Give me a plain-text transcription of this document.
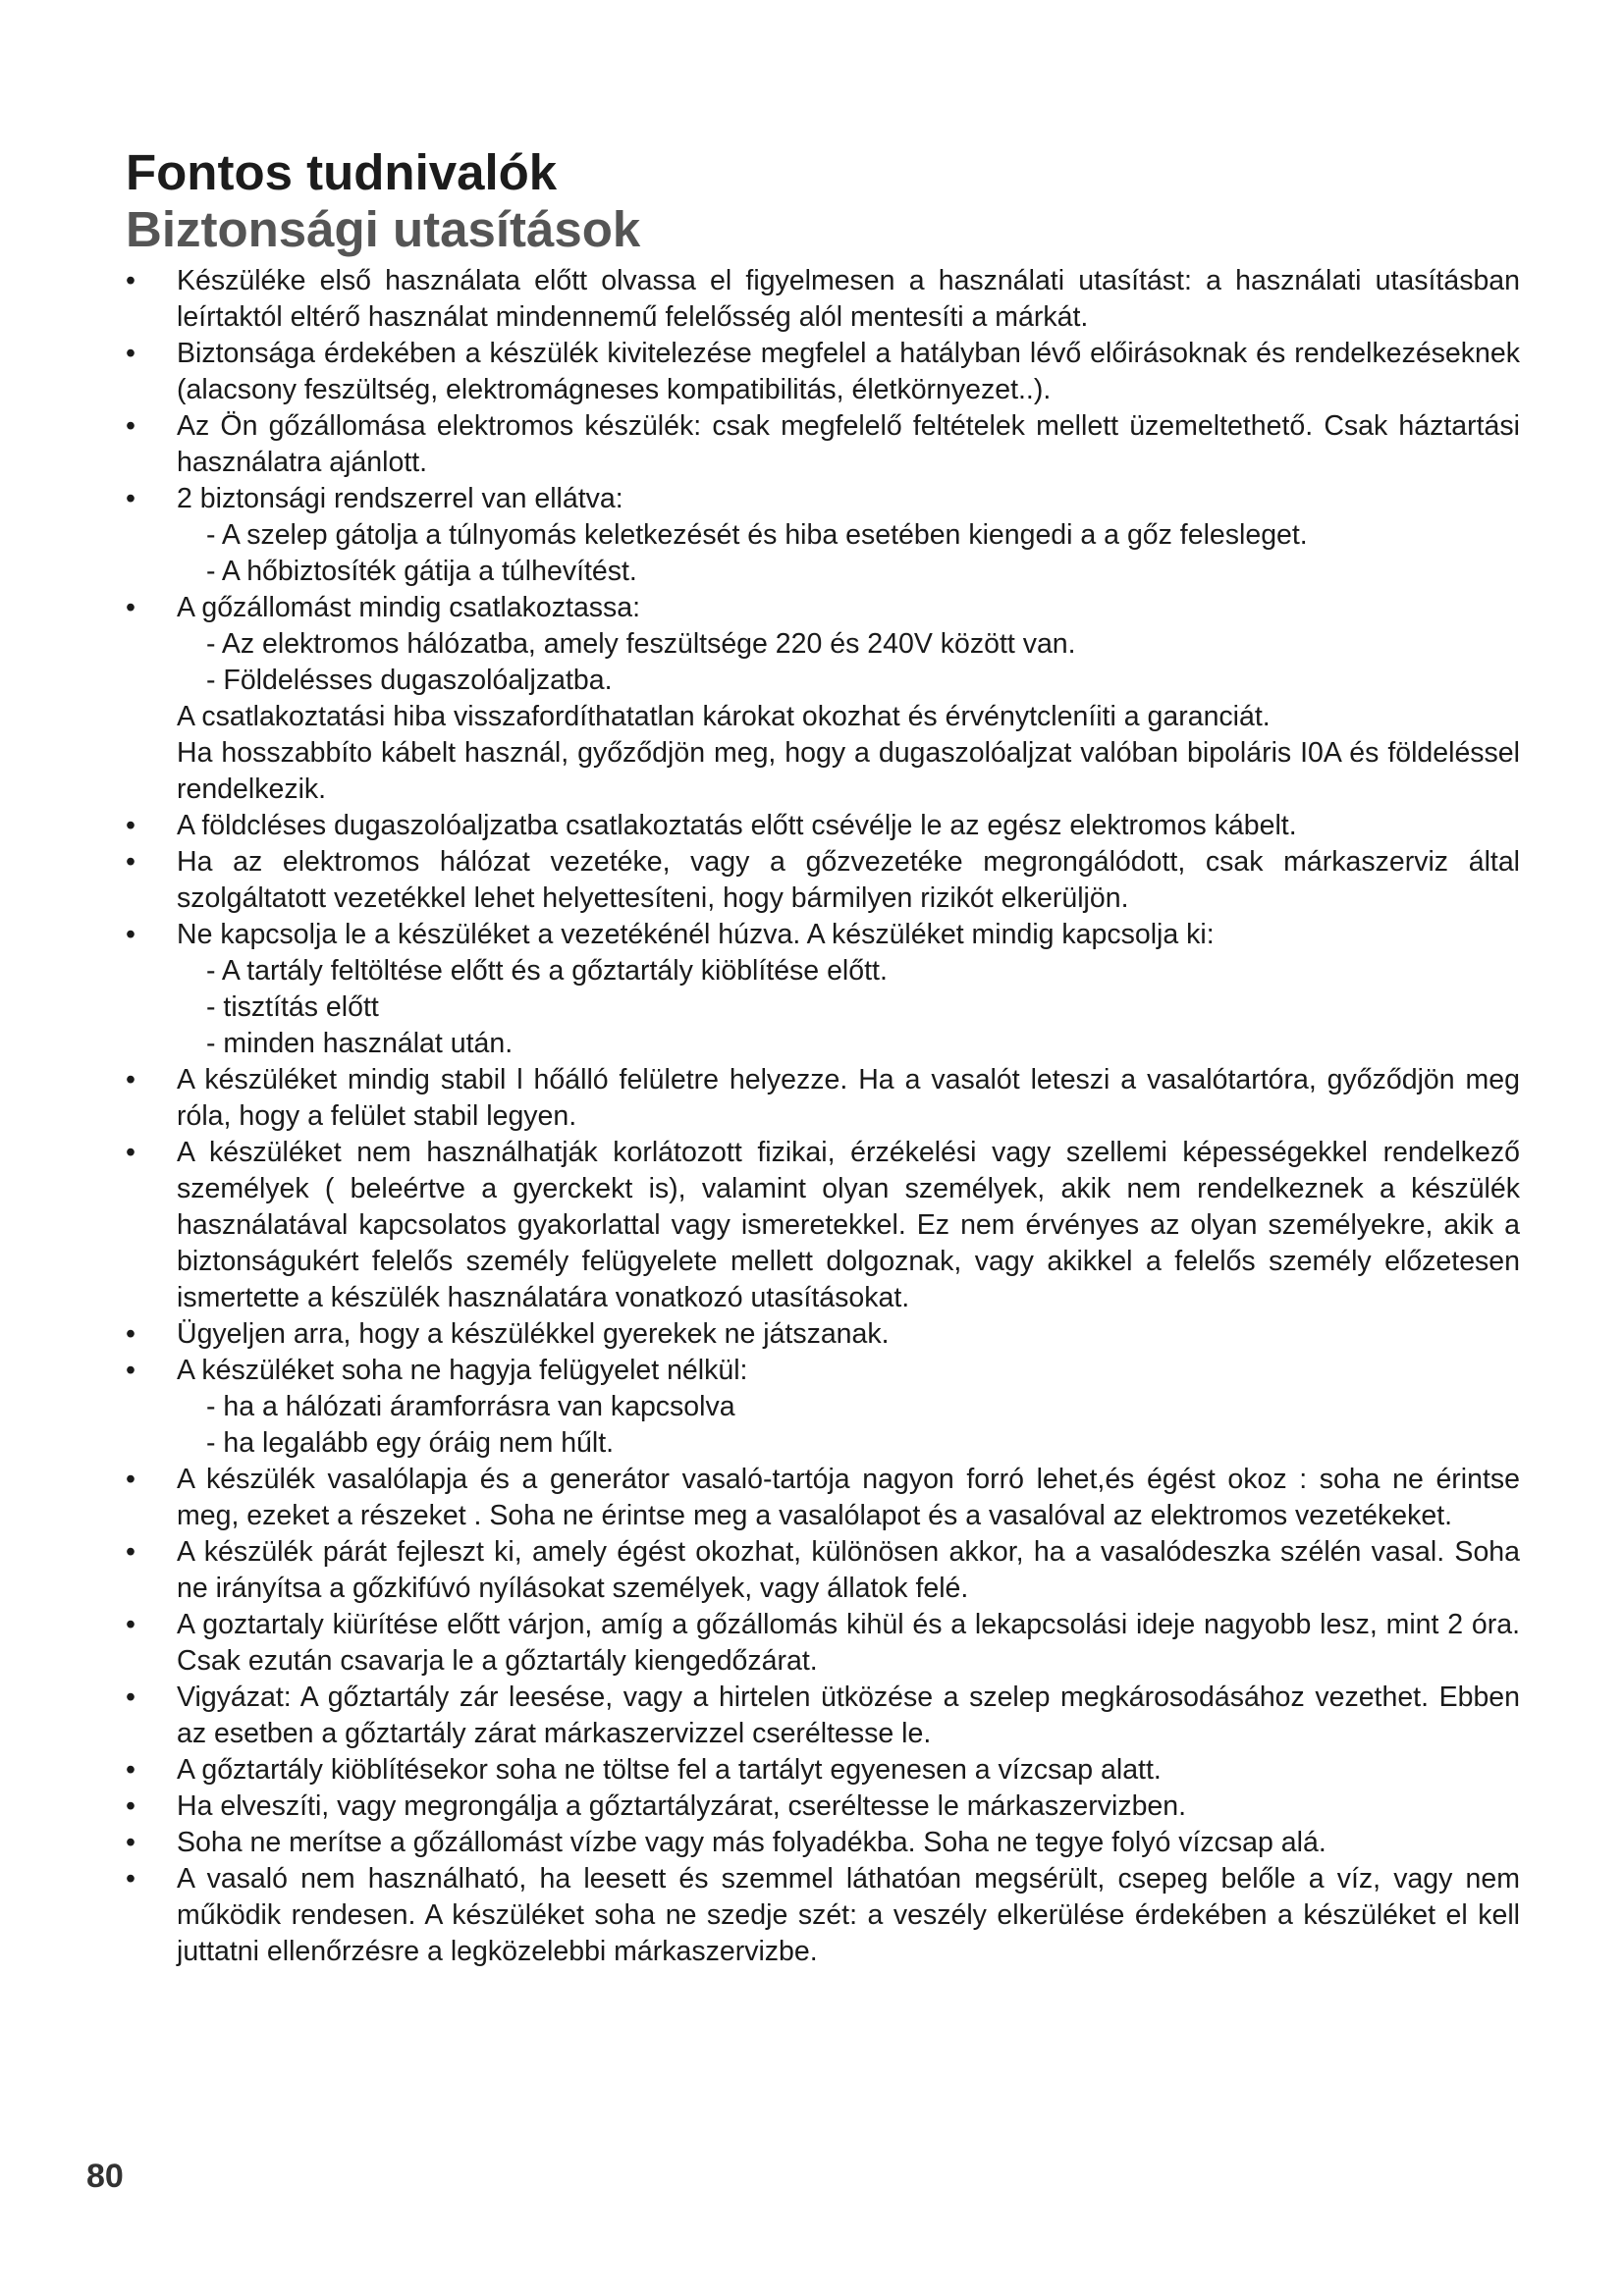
Fontos tudnivalók
Biztonsági utasítások
•	Készüléke első használata előtt olvassa el figyelmesen a használati utasítást: a használati utasításban leírtaktól eltérő használat mindennemű felelősség alól mentesíti a márkát.
•	Biztonsága érdekében a készülék kivitelezése megfelel a hatályban lévő előirásoknak és rendelkezéseknek (alacsony feszültség, elektromágneses kompatibilitás, életkörnyezet..).
•	Az Ön gőzállomása elektromos készülék: csak megfelelő feltételek mellett üzemeltethető. Csak háztartási használatra ajánlott.
•	2 biztonsági rendszerrel van ellátva:
- A szelep gátolja a túlnyomás keletkezését és hiba esetében kiengedi a a gőz felesleget.
- A hőbiztosíték gátija a túlhevítést.
•	A gőzállomást mindig csatlakoztassa:
- Az elektromos hálózatba, amely feszültsége 220 és 240V között van.
- Földelésses dugaszolóaljzatba.
A csatlakoztatási hiba visszafordíthatatlan károkat okozhat és érvénytcleníiti a garanciát.
Ha hosszabbíto kábelt használ, győződjön meg, hogy a dugaszolóaljzat valóban bipoláris I0A és földeléssel rendelkezik.
•	A földcléses dugaszolóaljzatba csatlakoztatás előtt csévélje le az egész elektromos kábelt.
•	Ha az elektromos hálózat vezetéke, vagy a gőzvezetéke megrongálódott, csak márkaszerviz által szolgáltatott vezetékkel lehet helyettesíteni, hogy bármilyen rizikót elkerüljön.
•	Ne kapcsolja le a készüléket a vezetékénél húzva. A készüléket mindig kapcsolja ki:
- A tartály feltöltése előtt és a gőztartály kiöblítése előtt.
- tisztítás előtt
- minden használat után.
•	A készüléket mindig stabil l hőálló felületre helyezze. Ha a vasalót leteszi a vasalótartóra, győződjön meg róla, hogy a felület stabil legyen.
•	A készüléket nem használhatják korlátozott fizikai, érzékelési vagy szellemi képességekkel rendelkező személyek ( beleértve a gyerckekt is), valamint olyan személyek, akik nem rendelkeznek a készülék használatával kapcsolatos gyakorlattal vagy ismeretekkel. Ez nem érvényes az olyan személyekre, akik a biztonságukért felelős személy felügyelete mellett dolgoznak, vagy akikkel a felelős személy előzetesen ismertette a készülék használatára vonatkozó utasításokat.
•	Ügyeljen arra, hogy a készülékkel gyerekek ne játszanak.
•	A készüléket soha ne hagyja felügyelet nélkül:
- ha a hálózati áramforrásra van kapcsolva
- ha legalább egy óráig nem hűlt.
•	A készülék vasalólapja és a generátor vasaló-tartója nagyon forró lehet,és égést okoz : soha ne érintse meg, ezeket a részeket . Soha ne érintse meg a vasalólapot és a vasalóval az elektromos vezetékeket.
•	A készülék párát fejleszt ki, amely égést okozhat, különösen akkor, ha a vasalódeszka szélén vasal. Soha ne irányítsa a gőzkifúvó nyílásokat személyek, vagy állatok felé.
•	A goztartaly kiürítése előtt várjon, amíg a gőzállomás kihül és a lekapcsolási ideje nagyobb lesz, mint 2 óra. Csak ezután csavarja le a gőztartály kiengedőzárat.
•	Vigyázat: A gőztartály zár leesése, vagy a hirtelen ütközése a szelep megkárosodásához vezethet. Ebben az esetben a gőztartály zárat márkaszervizzel cseréltesse le.
•	A gőztartály kiöblítésekor soha ne töltse fel a tartályt egyenesen a vízcsap alatt.
•	Ha elveszíti, vagy megrongálja a gőztartályzárat, cseréltesse le márkaszervizben.
•	Soha ne merítse a gőzállomást vízbe vagy más folyadékba. Soha ne tegye folyó vízcsap alá.
•	A vasaló nem használható, ha leesett és szemmel láthatóan megsérült, csepeg belőle a víz, vagy nem működik rendesen. A készüléket soha ne szedje szét: a veszély elkerülése érdekében a készüléket el kell juttatni ellenőrzésre a legközelebbi márkaszervizbe.
80
